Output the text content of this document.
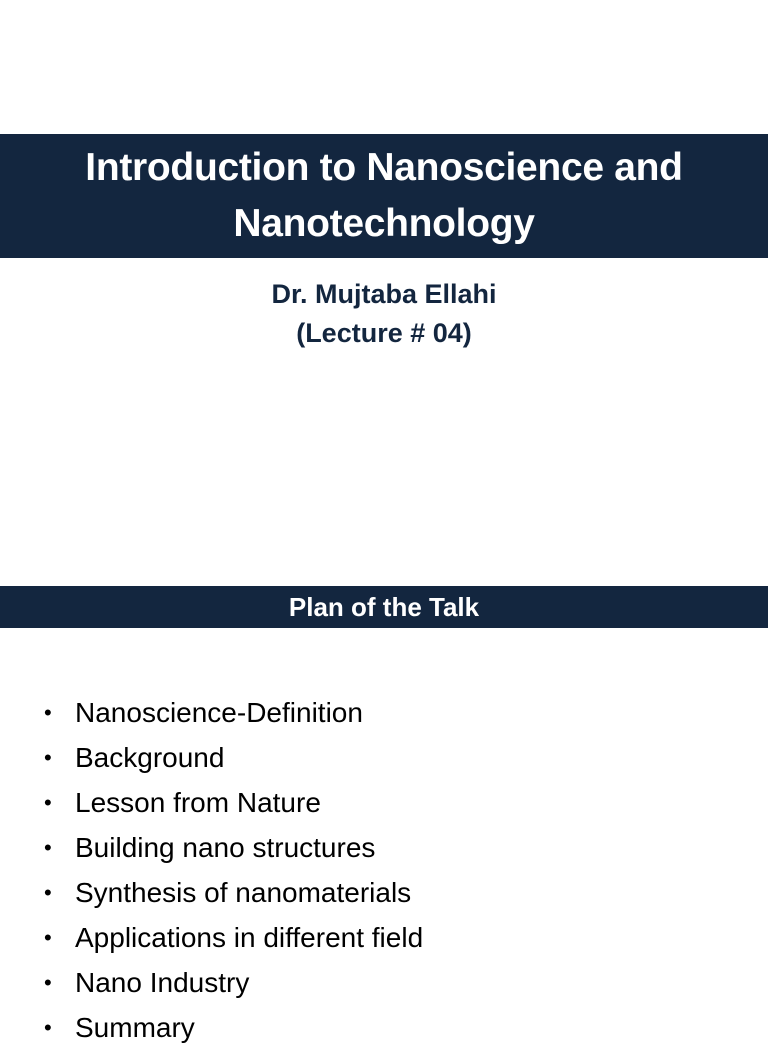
Introduction to Nanoscience and Nanotechnology
Dr. Mujtaba Ellahi
(Lecture # 04)
Plan of the Talk
• Nanoscience-Definition
• Background
• Lesson from Nature
• Building nano structures
• Synthesis of nanomaterials
• Applications in different field
• Nano Industry
• Summary
